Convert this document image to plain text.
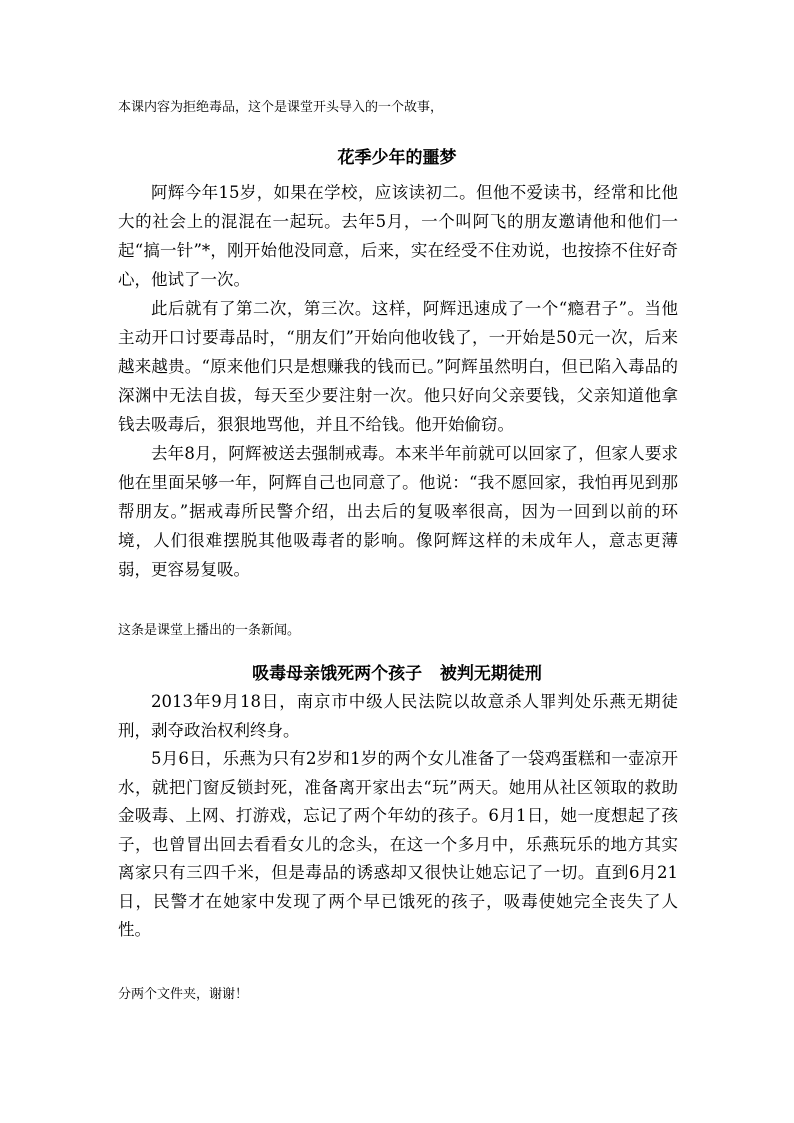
本课内容为拒绝毒品，这个是课堂开头导入的一个故事，
花季少年的噩梦

阿辉今年15岁，如果在学校，应该读初二。但他不爱读书，经常和比他大的社会上的混混在一起玩。去年5月，一个叫阿飞的朋友邀请他和他们一起“搞一针”*，刚开始他没同意，后来，实在经受不住劝说，也按捺不住好奇心，他试了一次。

此后就有了第二次，第三次。这样，阿辉迅速成了一个“瘾君子”。当他主动开口讨要毒品时，“朋友们”开始向他收钱了，一开始是50元一次，后来越来越贵。“原来他们只是想赚我的钱而已。”阿辉虽然明白，但已陷入毒品的深渊中无法自拔，每天至少要注射一次。他只好向父亲要钱，父亲知道他拿钱去吸毒后，狠狠地骂他，并且不给钱。他开始偷窃。

去年8月，阿辉被送去强制戒毒。本来半年前就可以回家了，但家人要求他在里面呆够一年，阿辉自己也同意了。他说：“我不愿回家，我怕再见到那帮朋友。”据戒毒所民警介绍，出去后的复吸率很高，因为一回到以前的环境，人们很难摆脱其他吸毒者的影响。像阿辉这样的未成年人，意志更薄弱，更容易复吸。

这条是课堂上播出的一条新闻。
吸毒母亲饿死两个孩子   被判无期徒刑

2013年9月18日，南京市中级人民法院以故意杀人罪判处乐燕无期徒刑，剥夺政治权利终身。

5月6日，乐燕为只有2岁和1岁的两个女儿准备了一袋鸡蛋糕和一壶凉开水，就把门窗反锁封死，准备离开家出去“玩”两天。她用从社区领取的救助金吸毒、上网、打游戏，忘记了两个年幼的孩子。6月1日，她一度想起了孩子，也曾冒出回去看看女儿的念头，在这一个多月中，乐燕玩乐的地方其实离家只有三四千米，但是毒品的诱惑却又很快让她忘记了一切。直到6月21日，民警才在她家中发现了两个早已饿死的孩子，吸毒使她完全丧失了人性。

分两个文件夹，谢谢！
